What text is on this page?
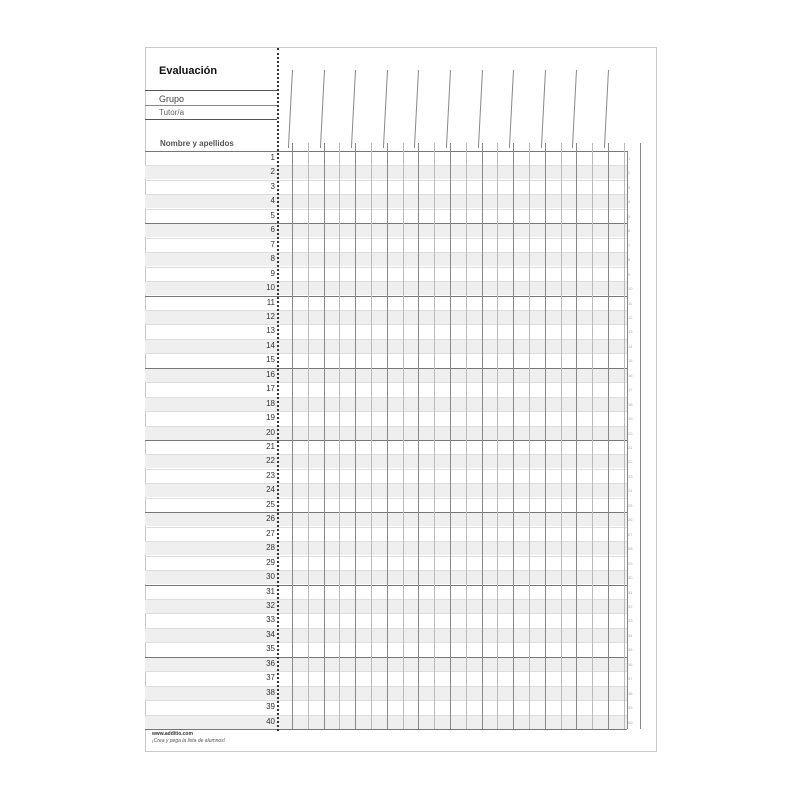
Evaluación
Grupo
Tutor/a
Nombre y apellidos
1	1
2	2
3	3
4	4
5	5
6	6
7	7
8	8
9	9
10	10
11	11
12	12
13	13
14	14
15	15
16	16
17	17
18	18
19	19
20	20
21	21
22	22
23	23
24	24
25	25
26	26
27	27
28	28
29	29
30	30
31	31
32	32
33	33
34	34
35	35
36	36
37	37
38	38
39	39
40	40
www.additio.com
¡Crea y pega la lista de alumnos!
